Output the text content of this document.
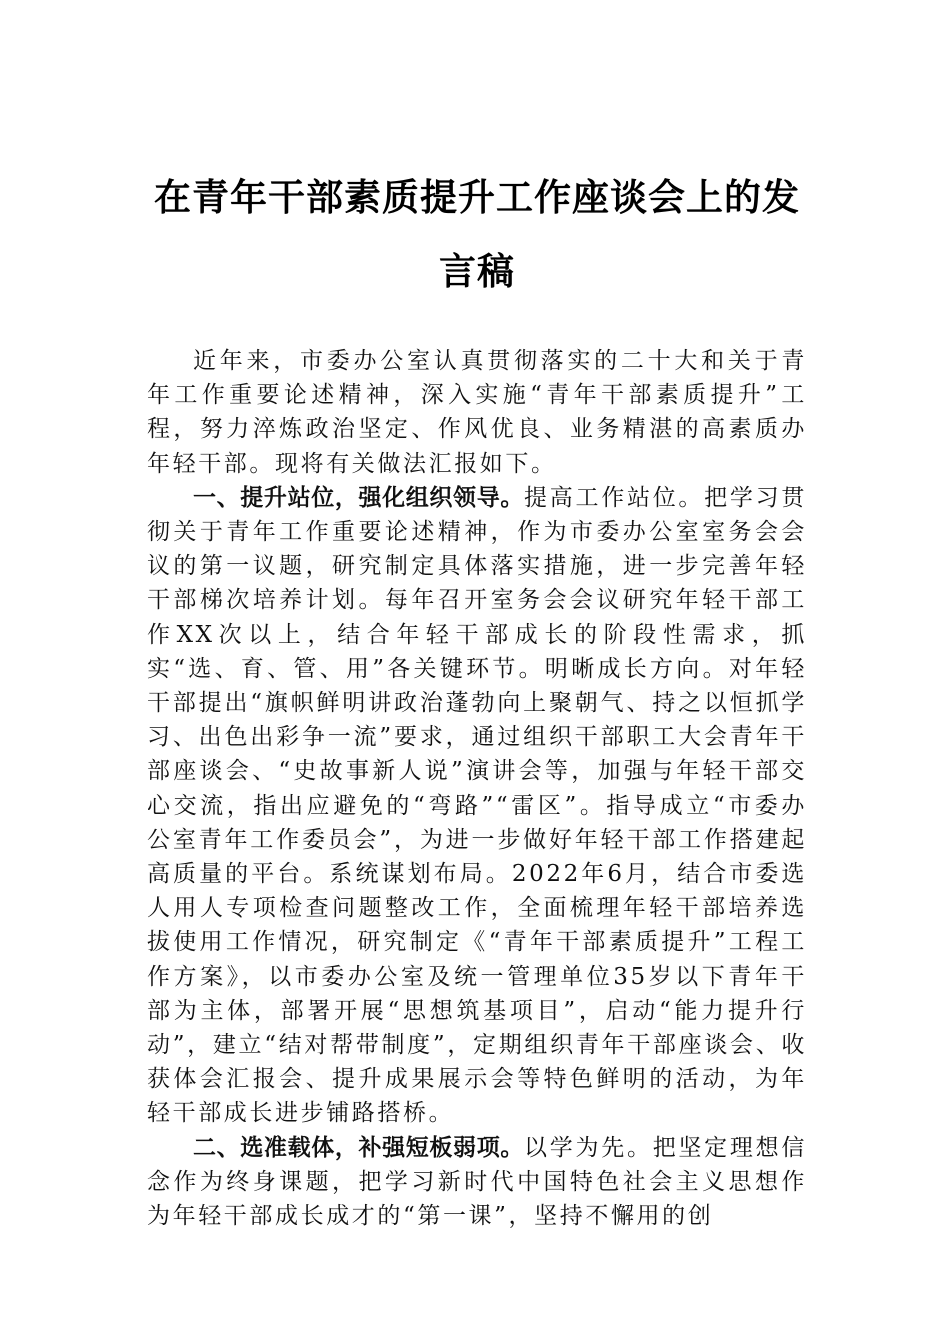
在青年干部素质提升工作座谈会上的发言稿

近年来，市委办公室认真贯彻落实的二十大和关于青年工作重要论述精神，深入实施“青年干部素质提升”工程，努力淬炼政治坚定、作风优良、业务精湛的高素质办年轻干部。现将有关做法汇报如下。

一、提升站位，强化组织领导。提高工作站位。把学习贯彻关于青年工作重要论述精神，作为市委办公室室务会会议的第一议题，研究制定具体落实措施，进一步完善年轻干部梯次培养计划。每年召开室务会会议研究年轻干部工作XX次以上，结合年轻干部成长的阶段性需求，抓实“选、育、管、用”各关键环节。明晰成长方向。对年轻干部提出“旗帜鲜明讲政治蓬勃向上聚朝气、持之以恒抓学习、出色出彩争一流”要求，通过组织干部职工大会青年干部座谈会、“史故事新人说”演讲会等，加强与年轻干部交心交流，指出应避免的“弯路”“雷区”。指导成立“市委办公室青年工作委员会”，为进一步做好年轻干部工作搭建起高质量的平台。系统谋划布局。2022年6月，结合市委选人用人专项检查问题整改工作，全面梳理年轻干部培养选拔使用工作情况，研究制定《“青年干部素质提升”工程工作方案》，以市委办公室及统一管理单位35岁以下青年干部为主体，部署开展“思想筑基项目”，启动“能力提升行动”，建立“结对帮带制度”，定期组织青年干部座谈会、收获体会汇报会、提升成果展示会等特色鲜明的活动，为年轻干部成长进步铺路搭桥。

二、选准载体，补强短板弱项。以学为先。把坚定理想信念作为终身课题，把学习新时代中国特色社会主义思想作为年轻干部成长成才的“第一课”，坚持不懈用的创
